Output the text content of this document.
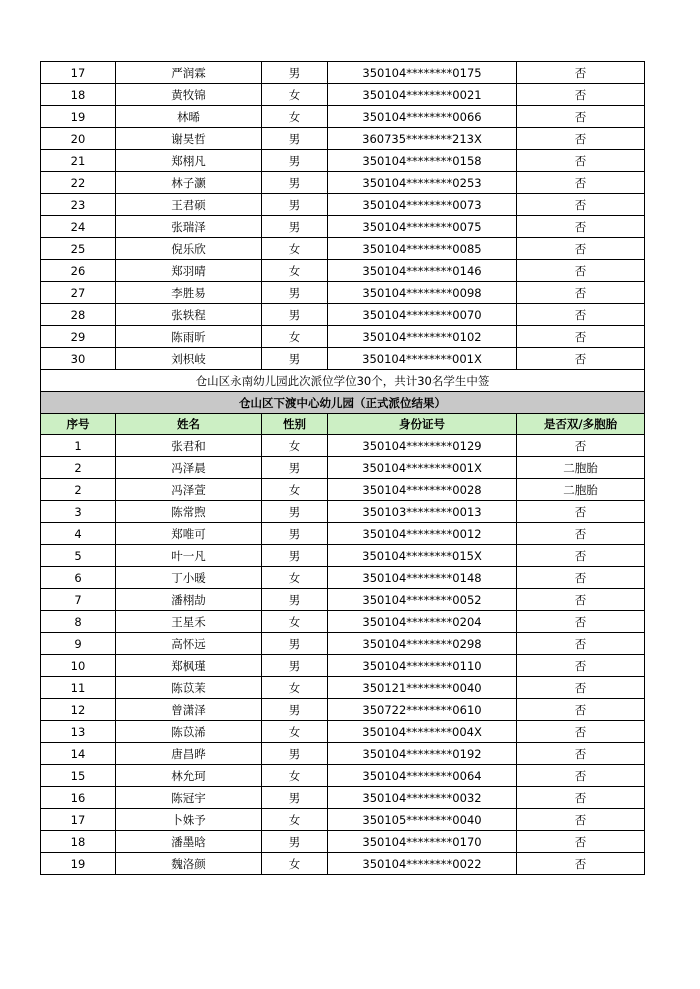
17	严润霖	男	350104********0175	否
18	黄牧锦	女	350104********0021	否
19	林晞	女	350104********0066	否
20	谢昊哲	男	360735********213X	否
21	郑栩凡	男	350104********0158	否
22	林子灏	男	350104********0253	否
23	王君硕	男	350104********0073	否
24	张瑞泽	男	350104********0075	否
25	倪乐欣	女	350104********0085	否
26	郑羽晴	女	350104********0146	否
27	李胜易	男	350104********0098	否
28	张轶程	男	350104********0070	否
29	陈雨昕	女	350104********0102	否
30	刘枳岐	男	350104********001X	否
仓山区永南幼儿园此次派位学位30个，共计30名学生中签				
仓山区下渡中心幼儿园（正式派位结果）				
序号	姓名	性别	身份证号	是否双/多胞胎
1	张君和	女	350104********0129	否
2	冯泽晨	男	350104********001X	二胞胎
2	冯泽萱	女	350104********0028	二胞胎
3	陈常煦	男	350103********0013	否
4	郑唯可	男	350104********0012	否
5	叶一凡	男	350104********015X	否
6	丁小暖	女	350104********0148	否
7	潘栩劼	男	350104********0052	否
8	王星禾	女	350104********0204	否
9	高怀远	男	350104********0298	否
10	郑枫瑾	男	350104********0110	否
11	陈苡茉	女	350121********0040	否
12	曾潇泽	男	350722********0610	否
13	陈苡浠	女	350104********004X	否
14	唐昌晔	男	350104********0192	否
15	林允珂	女	350104********0064	否
16	陈冠宇	男	350104********0032	否
17	卜姝予	女	350105********0040	否
18	潘墨晗	男	350104********0170	否
19	魏洛颜	女	350104********0022	否
